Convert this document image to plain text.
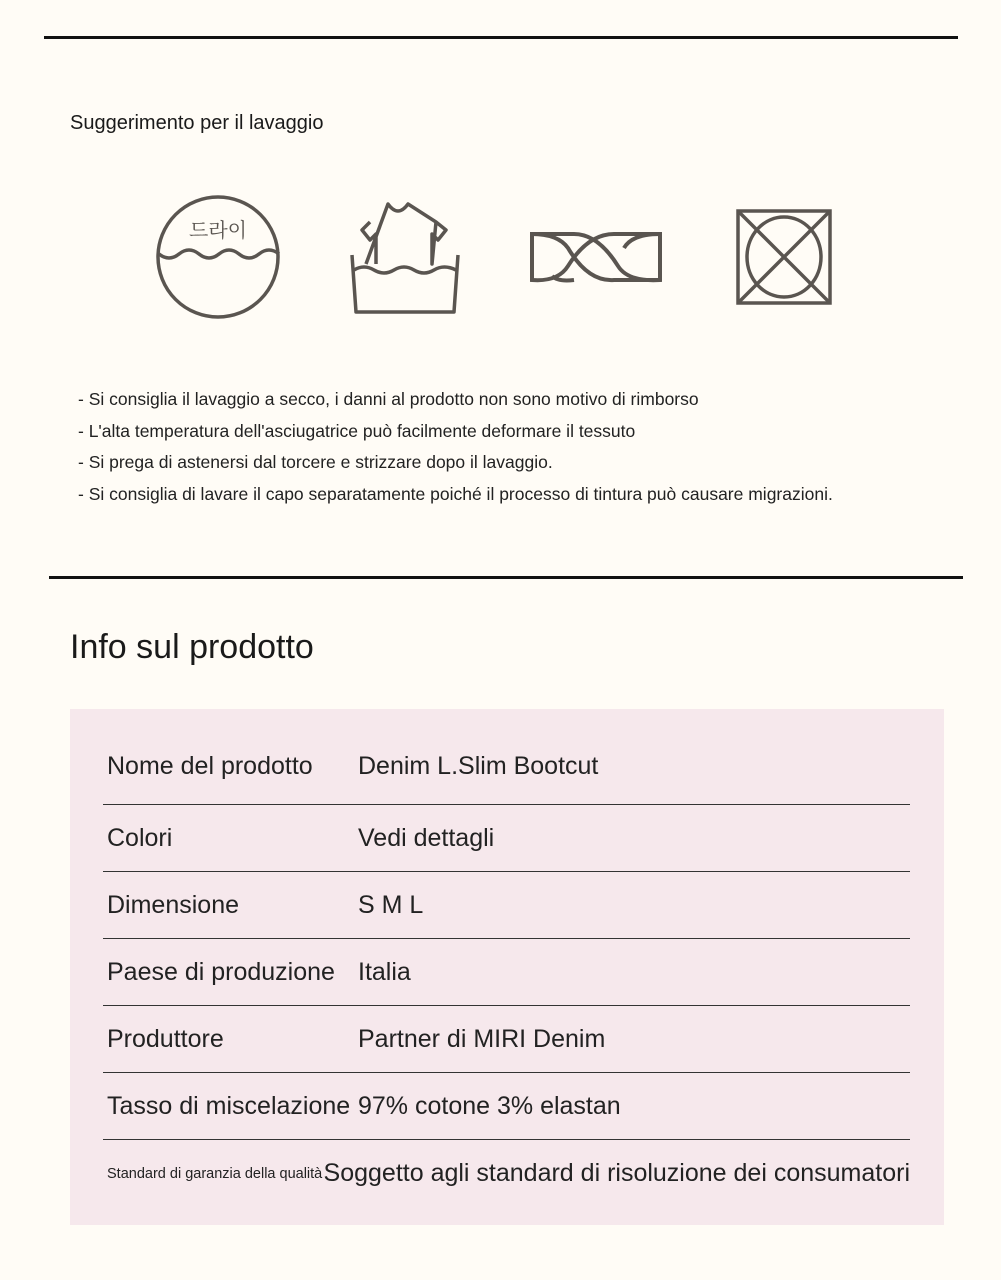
Suggerimento per il lavaggio
드라이
- Si consiglia il lavaggio a secco, i danni al prodotto non sono motivo di rimborso
- L'alta temperatura dell'asciugatrice può facilmente deformare il tessuto
- Si prega di astenersi dal torcere e strizzare dopo il lavaggio.
- Si consiglia di lavare il capo separatamente poiché il processo di tintura può causare migrazioni.
Info sul prodotto
Nome del prodotto	Denim L.Slim Bootcut
Colori	Vedi dettagli
Dimensione	S M L
Paese di produzione Italia
Produttore	Partner di MIRI Denim
Tasso di miscelazione 97% cotone 3% elastan
Standard di garanzia della qualità Soggetto agli standard di risoluzione dei consumatori
